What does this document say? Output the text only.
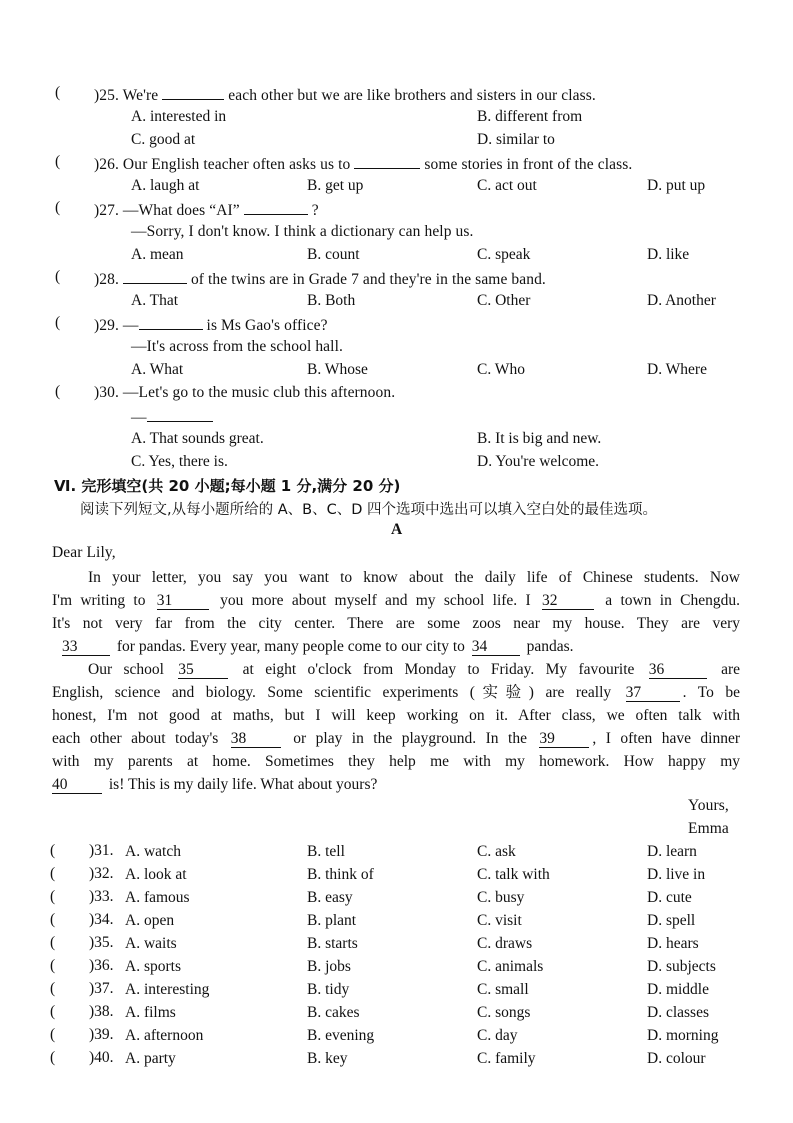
( )25. We're	each other but we are like brothers and sisters in our class.
A. interested in	B. different from
C. good at	D. similar to
( )26. Our English teacher often asks us to	some stories in front of the class.
A. laugh at	B. get up	C. act out	D. put up
( )27. —What does “AI”	?
—Sorry, I don't know. I think a dictionary can help us.
A. mean	B. count	C. speak	D. like
( )28.	of the twins are in Grade 7 and they're in the same band.
A. That	B. Both	C. Other	D. Another
( )29. —	is Ms Gao's office?
—It's across from the school hall.
A. What	B. Whose	C. Who	D. Where
( )30. —Let's go to the music club this afternoon.
—
A. That sounds great.	B. It is big and new.
C. Yes, there is.	D. You're welcome.
Ⅵ. 完形填空(共 20 小题;每小题 1 分,满分 20 分)
阅读下列短文,从每小题所给的 A、B、C、D 四个选项中选出可以填入空白处的最佳选项。
A
Dear Lily,
In your letter, you say you want to know about the daily life of Chinese students. Now
I'm writing to 31	you more about myself and my school life. I 32	a town in Chengdu.
It's not very far from the city center. There are some zoos near my house. They are very
33	for pandas. Every year, many people come to our city to 34	pandas.
Our school 35	at eight o'clock from Monday to Friday. My favourite 36	are
English, science and biology. Some scientific experiments (实验) are really 37	. To be
honest, I'm not good at maths, but I will keep working on it. After class, we often talk with
each other about today's 38	or play in the playground. In the 39 , I often have dinner
with my parents at home. Sometimes they help me with my homework. How happy my
40	is! This is my daily life. What about yours?
Yours,
Emma
( )31. A. watch	B. tell	C. ask	D. learn
( )32. A. look at	B. think of	C. talk with	D. live in
( )33. A. famous	B. easy	C. busy	D. cute
( )34. A. open	B. plant	C. visit	D. spell
( )35. A. waits	B. starts	C. draws	D. hears
( )36. A. sports	B. jobs	C. animals	D. subjects
( )37. A. interesting	B. tidy	C. small	D. middle
( )38. A. films	B. cakes	C. songs	D. classes
( )39. A. afternoon	B. evening	C. day	D. morning
( )40. A. party	B. key	C. family	D. colour
